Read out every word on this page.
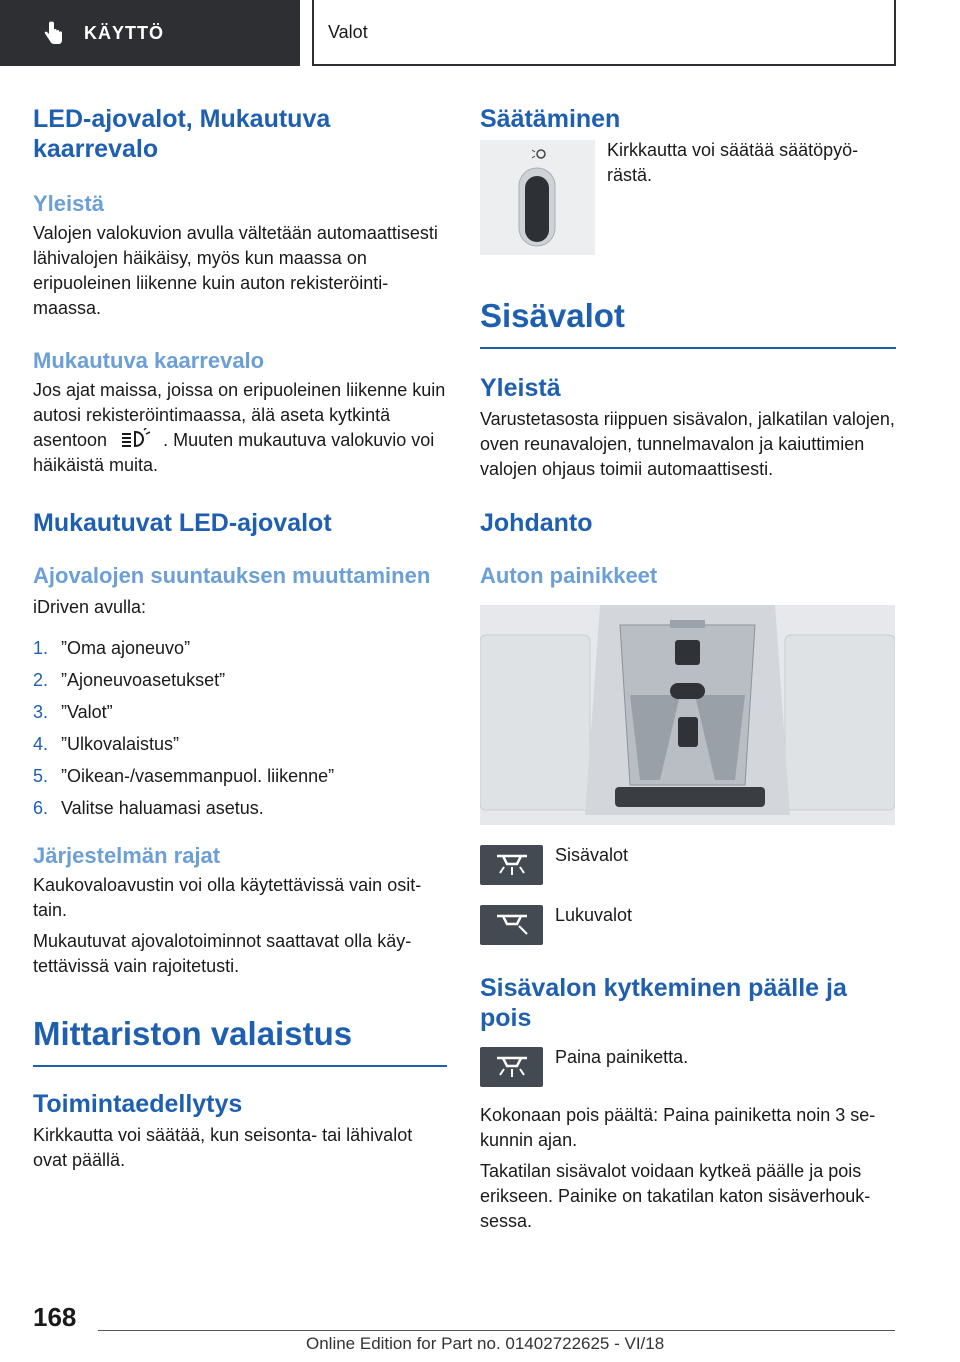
KÄYTTÖ	Valot
LED-ajovalot, Mukautuva kaarrevalo
Yleistä
Valojen valokuvion avulla vältetään automaattisesti lähivalojen häikäisy, myös kun maassa on eripuoleinen liikenne kuin auton rekisteröintimaassa.
Mukautuva kaarrevalo
Jos ajat maissa, joissa on eripuoleinen liikenne kuin autosi rekisteröintimaassa, älä aseta kytkintä asentoon	. Muuten mukautuva valokuvio voi häikäistä muita.
Mukautuvat LED-ajovalot
Ajovalojen suuntauksen muuttaminen
iDriven avulla:
1. ”Oma ajoneuvo”
2. ”Ajoneuvoasetukset”
3. ”Valot”
4. ”Ulkovalaistus”
5. ”Oikean-/vasemmanpuol. liikenne”
6. Valitse haluamasi asetus.
Järjestelmän rajat
Kaukovaloavustin voi olla käytettävissä vain osittain.
Mukautuvat ajovalotoiminnot saattavat olla käytettävissä vain rajoitetusti.
Mittariston valaistus
Toimintaedellytys
Kirkkautta voi säätää, kun seisonta- tai lähivalot ovat päällä.
Säätäminen
Kirkkautta voi säätää säätöpyörästä.
Sisävalot
Yleistä
Varustetasosta riippuen sisävalon, jalkatilan valojen, oven reunavalojen, tunnelmavalon ja kaiuttimien valojen ohjaus toimii automaattisesti.
Johdanto
Auton painikkeet
Sisävalot
Lukuvalot
Sisävalon kytkeminen päälle ja pois
Paina painiketta.
Kokonaan pois päältä: Paina painiketta noin 3 sekunnin ajan.
Takatilan sisävalot voidaan kytkeä päälle ja pois erikseen. Painike on takatilan katon sisäverhouksessa.
168
Online Edition for Part no. 01402722625 - VI/18
